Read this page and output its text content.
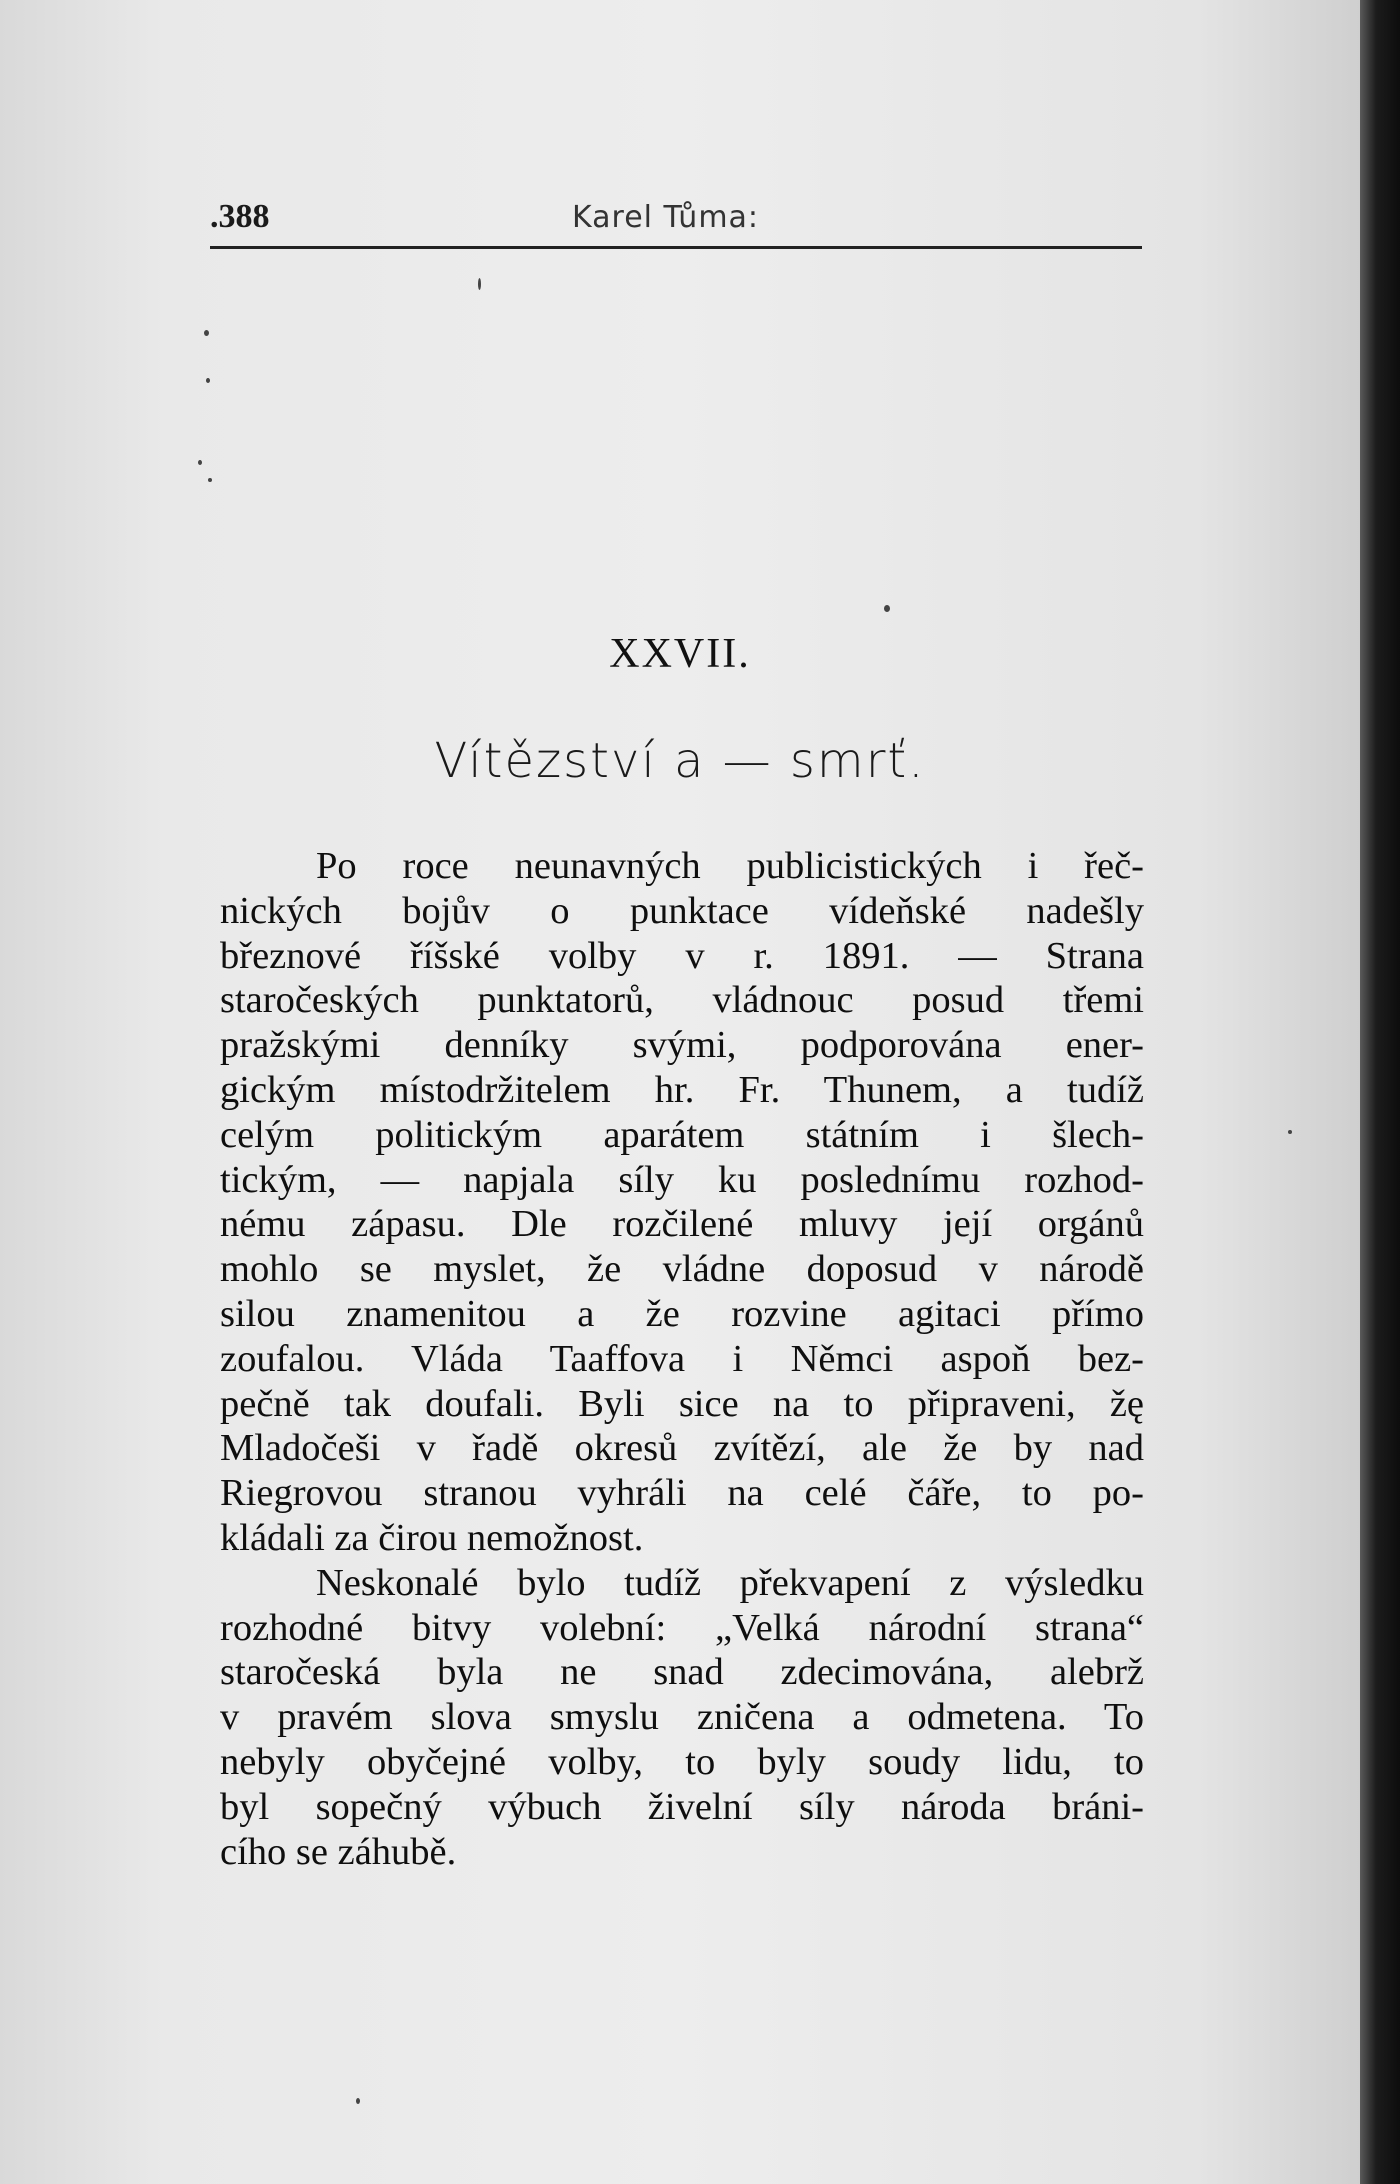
.388	Karel Tůma:
XXVII.
Vítězství a — smrť.

Po roce neunavných publicistických i řeč-
nických bojův o punktace vídeňské nadešly
březnové říšské volby v r. 1891. — Strana
staročeských punktatorů, vládnouc posud třemi
pražskými denníky svými, podporována ener-
gickým místodržitelem hr. Fr. Thunem, a tudíž
celým politickým aparátem státním i šlech-
tickým, — napjala síly ku poslednímu rozhod-
nému zápasu. Dle rozčilené mluvy její orgánů
mohlo se myslet, že vládne doposud v národě
silou znamenitou a že rozvine agitaci přímo
zoufalou. Vláda Taaffova i Němci aspoň bez-
pečně tak doufali. Byli sice na to připraveni, žę
Mladočeši v řadě okresů zvítězí, ale že by nad
Riegrovou stranou vyhráli na celé čáře, to po-
kládali za čirou nemožnost.

Neskonalé bylo tudíž překvapení z výsledku
rozhodné bitvy volební: „Velká národní strana“
staročeská byla ne snad zdecimována, alebrž
v pravém slova smyslu zničena a odmetena. To
nebyly obyčejné volby, to byly soudy lidu, to
byl sopečný výbuch živelní síly národa bráni-
cího se záhubě.
